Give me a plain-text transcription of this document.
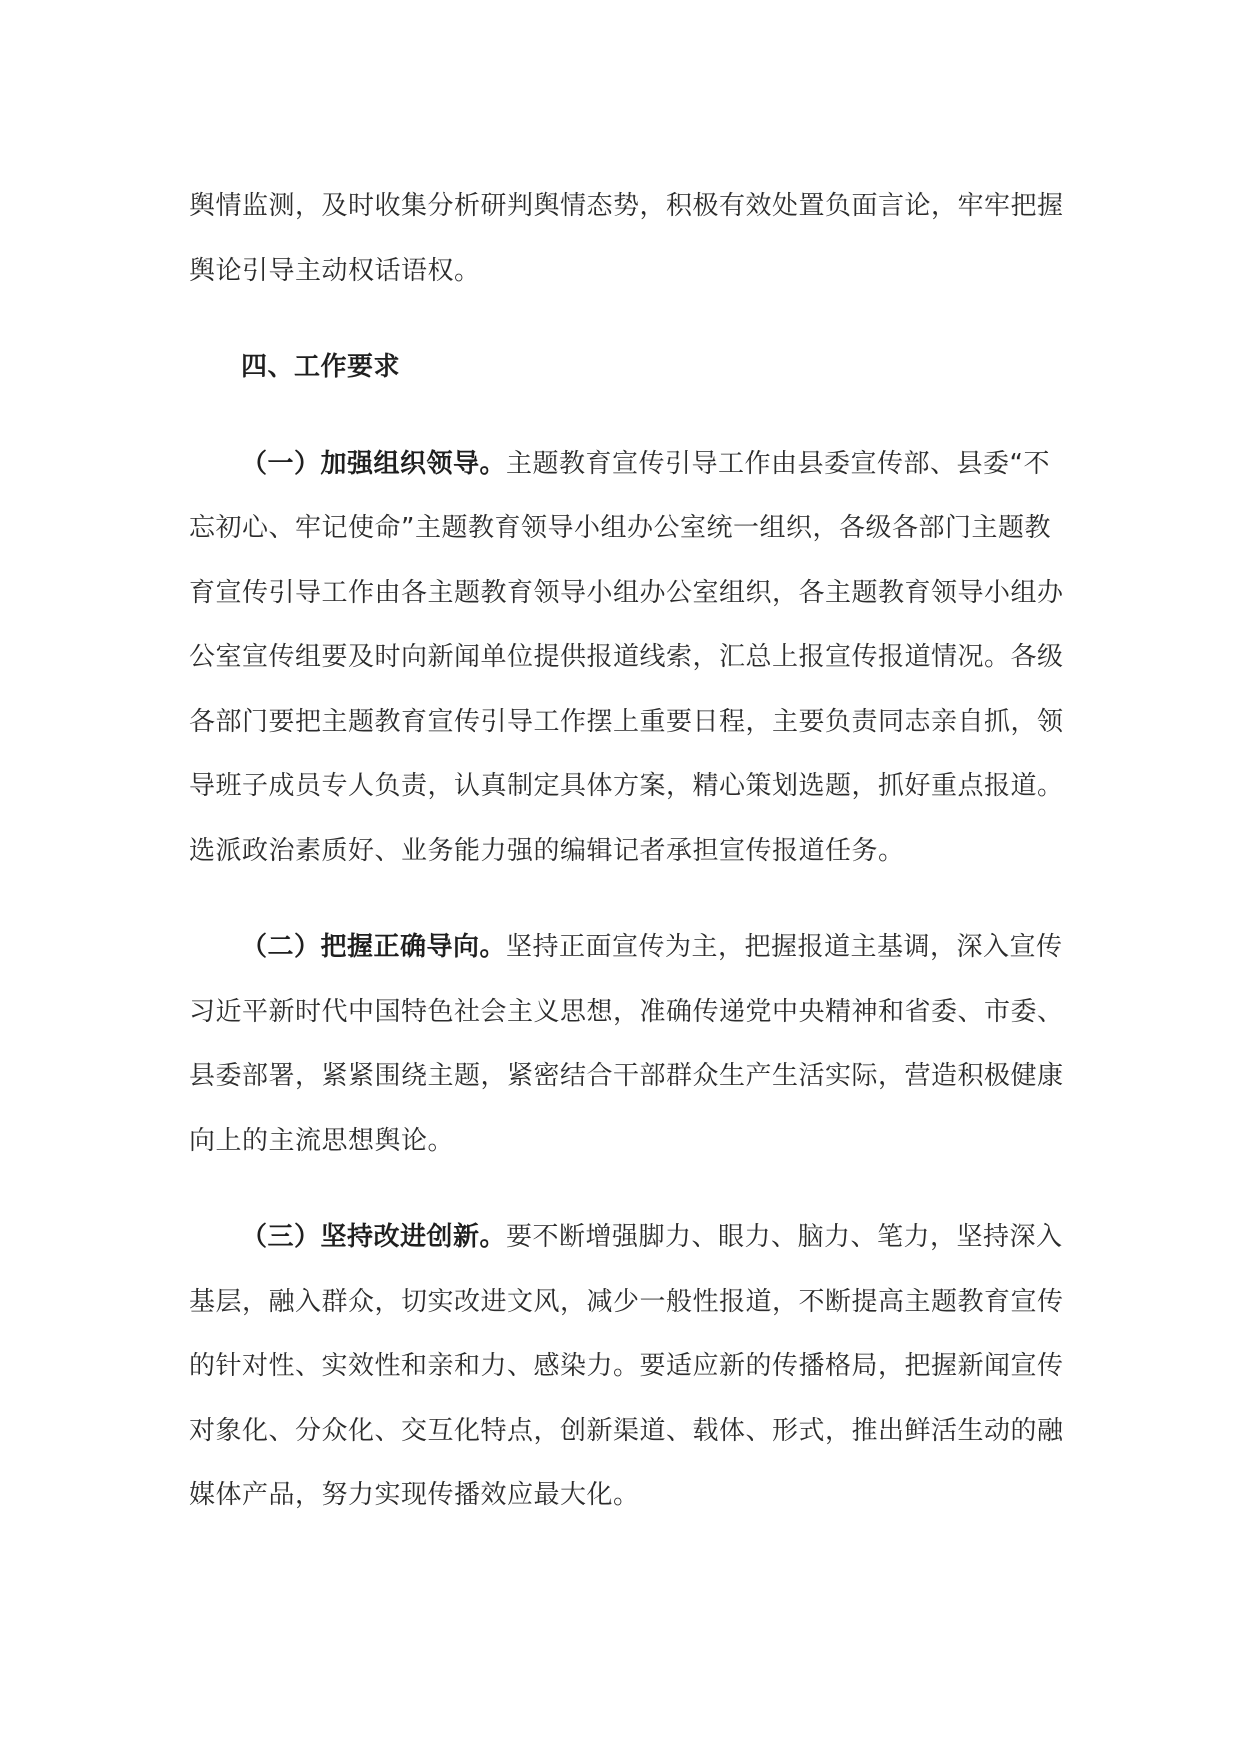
舆情监测，及时收集分析研判舆情态势，积极有效处置负面言论，牢牢把握舆论引导主动权话语权。

四、工作要求

（一）加强组织领导。主题教育宣传引导工作由县委宣传部、县委“不忘初心、牢记使命”主题教育领导小组办公室统一组织，各级各部门主题教育宣传引导工作由各主题教育领导小组办公室组织，各主题教育领导小组办公室宣传组要及时向新闻单位提供报道线索，汇总上报宣传报道情况。各级各部门要把主题教育宣传引导工作摆上重要日程，主要负责同志亲自抓，领导班子成员专人负责，认真制定具体方案，精心策划选题，抓好重点报道。选派政治素质好、业务能力强的编辑记者承担宣传报道任务。

（二）把握正确导向。坚持正面宣传为主，把握报道主基调，深入宣传习近平新时代中国特色社会主义思想，准确传递党中央精神和省委、市委、县委部署，紧紧围绕主题，紧密结合干部群众生产生活实际，营造积极健康向上的主流思想舆论。

（三）坚持改进创新。要不断增强脚力、眼力、脑力、笔力，坚持深入基层，融入群众，切实改进文风，减少一般性报道，不断提高主题教育宣传的针对性、实效性和亲和力、感染力。要适应新的传播格局，把握新闻宣传对象化、分众化、交互化特点，创新渠道、载体、形式，推出鲜活生动的融媒体产品，努力实现传播效应最大化。
